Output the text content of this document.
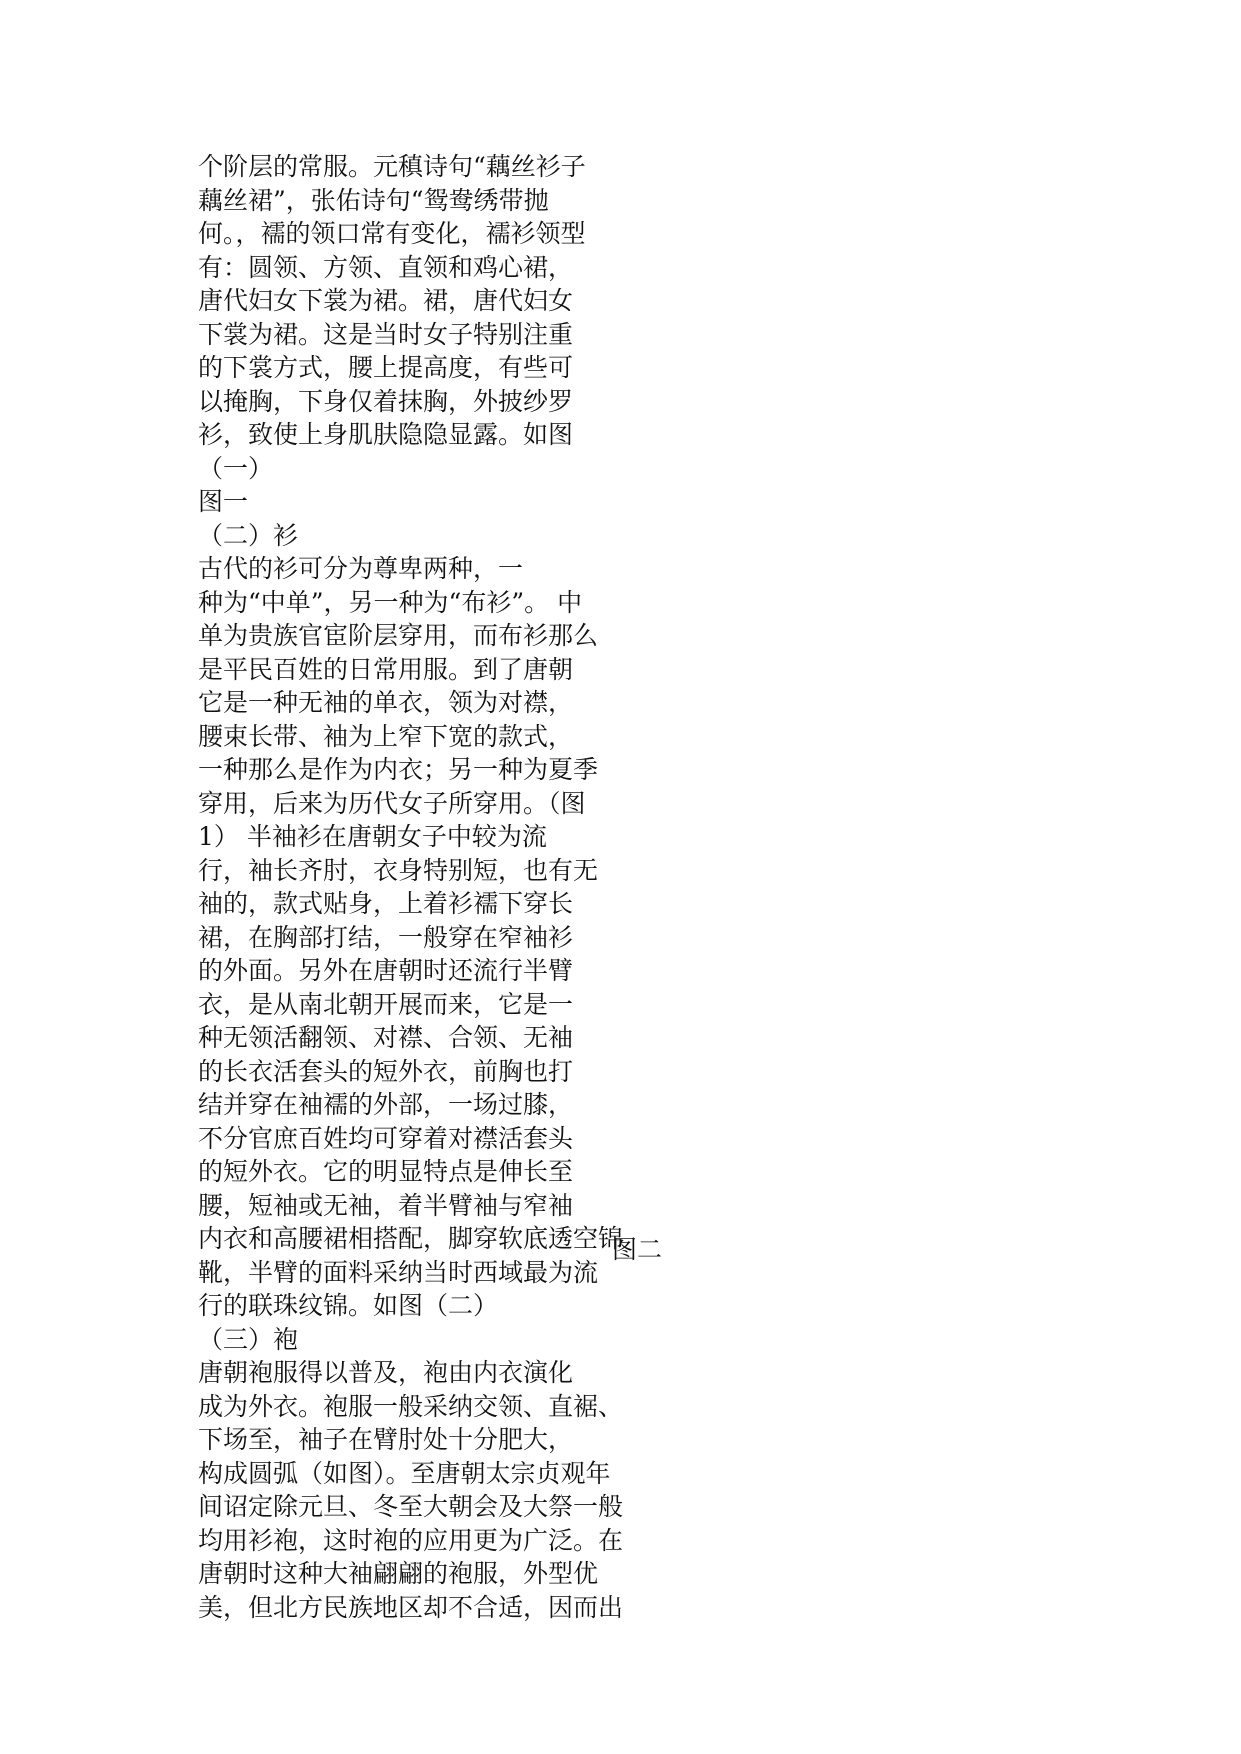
个阶层的常服。元稹诗句“藕丝衫子
藕丝裙”，张佑诗句“鸳鸯绣带抛
何。，襦的领口常有变化，襦衫领型
有：圆领、方领、直领和鸡心裙，
唐代妇女下裳为裙。裙，唐代妇女
下裳为裙。这是当时女子特别注重
的下裳方式，腰上提高度，有些可
以掩胸，下身仅着抹胸，外披纱罗
衫，致使上身肌肤隐隐显露。如图
（一）
图一
（二）衫
古代的衫可分为尊卑两种，一
种为“中单”，另一种为“布衫”。 中
单为贵族官宦阶层穿用，而布衫那么
是平民百姓的日常用服。到了唐朝
它是一种无袖的单衣，领为对襟，
腰束长带、袖为上窄下宽的款式，
一种那么是作为内衣；另一种为夏季
穿用，后来为历代女子所穿用。（图
1） 半袖衫在唐朝女子中较为流
行，袖长齐肘，衣身特别短，也有无
袖的，款式贴身，上着衫襦下穿长
裙，在胸部打结，一般穿在窄袖衫
的外面。另外在唐朝时还流行半臂
衣，是从南北朝开展而来，它是一
种无领活翻领、对襟、合领、无袖
的长衣活套头的短外衣，前胸也打
结并穿在袖襦的外部，一场过膝，
不分官庶百姓均可穿着对襟活套头
的短外衣。它的明显特点是伸长至
腰，短袖或无袖，着半臂袖与窄袖
内衣和高腰裙相搭配，脚穿软底透空锦
靴，半臂的面料采纳当时西域最为流
行的联珠纹锦。如图（二）
（三）袍
唐朝袍服得以普及，袍由内衣演化
成为外衣。袍服一般采纳交领、直裾、
下场至，袖子在臂肘处十分肥大，
构成圆弧（如图）。至唐朝太宗贞观年
间诏定除元旦、冬至大朝会及大祭一般
均用衫袍，这时袍的应用更为广泛。在
唐朝时这种大袖翩翩的袍服，外型优
美，但北方民族地区却不合适，因而出
图二
